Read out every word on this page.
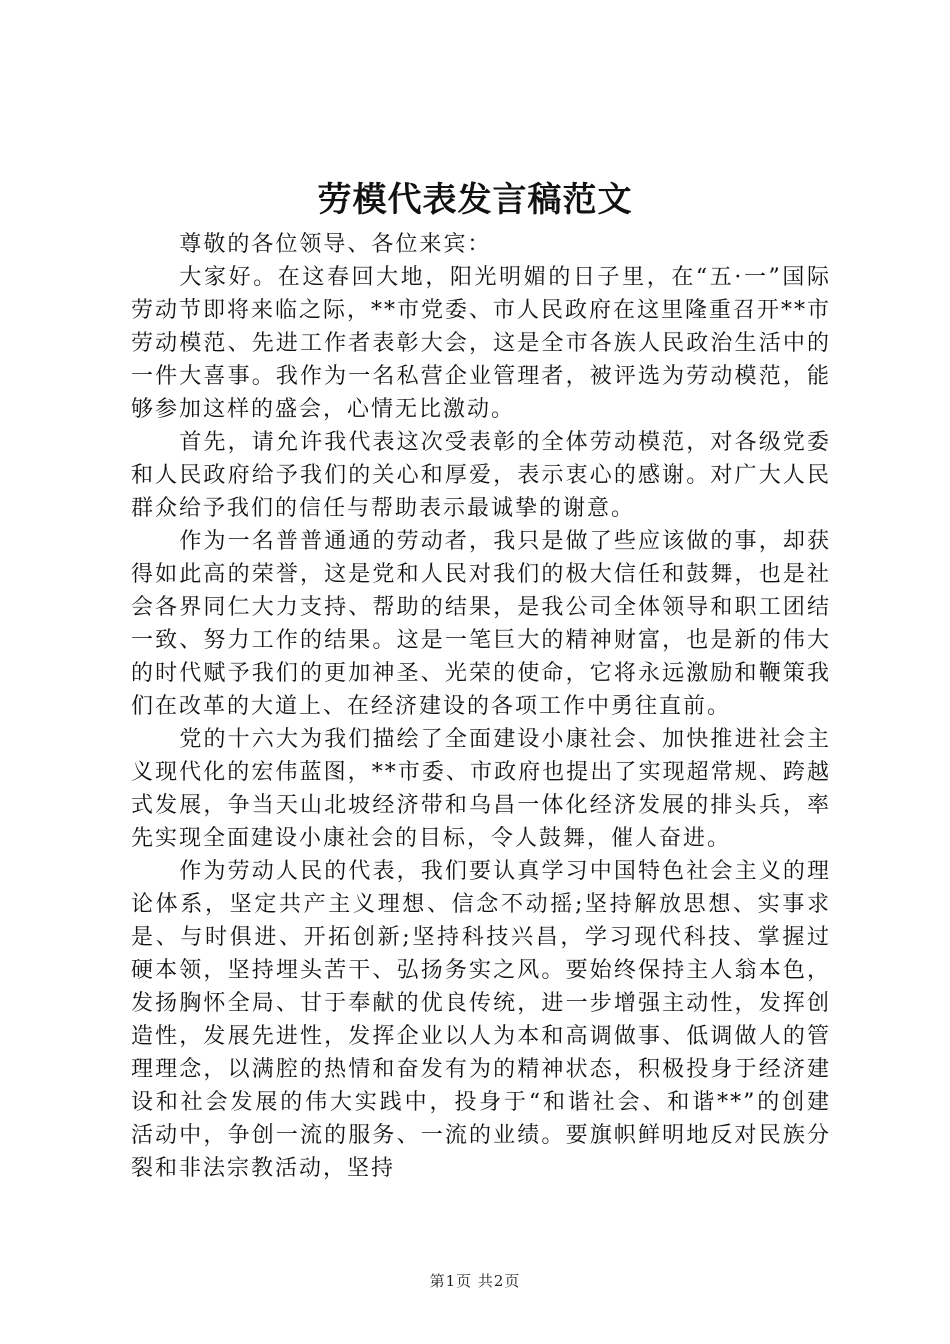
劳模代表发言稿范文

尊敬的各位领导、各位来宾：

大家好。在这春回大地，阳光明媚的日子里，在“五·一”国际劳动节即将来临之际，**市党委、市人民政府在这里隆重召开**市劳动模范、先进工作者表彰大会，这是全市各族人民政治生活中的一件大喜事。我作为一名私营企业管理者，被评选为劳动模范，能够参加这样的盛会，心情无比激动。

首先，请允许我代表这次受表彰的全体劳动模范，对各级党委和人民政府给予我们的关心和厚爱，表示衷心的感谢。对广大人民群众给予我们的信任与帮助表示最诚挚的谢意。

作为一名普普通通的劳动者，我只是做了些应该做的事，却获得如此高的荣誉，这是党和人民对我们的极大信任和鼓舞，也是社会各界同仁大力支持、帮助的结果，是我公司全体领导和职工团结一致、努力工作的结果。这是一笔巨大的精神财富，也是新的伟大的时代赋予我们的更加神圣、光荣的使命，它将永远激励和鞭策我们在改革的大道上、在经济建设的各项工作中勇往直前。

党的十六大为我们描绘了全面建设小康社会、加快推进社会主义现代化的宏伟蓝图，**市委、市政府也提出了实现超常规、跨越式发展，争当天山北坡经济带和乌昌一体化经济发展的排头兵，率先实现全面建设小康社会的目标，令人鼓舞，催人奋进。

作为劳动人民的代表，我们要认真学习中国特色社会主义的理论体系，坚定共产主义理想、信念不动摇;坚持解放思想、实事求是、与时俱进、开拓创新;坚持科技兴昌，学习现代科技、掌握过硬本领，坚持埋头苦干、弘扬务实之风。要始终保持主人翁本色，发扬胸怀全局、甘于奉献的优良传统，进一步增强主动性，发挥创造性，发展先进性，发挥企业以人为本和高调做事、低调做人的管理理念，以满腔的热情和奋发有为的精神状态，积极投身于经济建设和社会发展的伟大实践中，投身于“和谐社会、和谐**”的创建活动中，争创一流的服务、一流的业绩。要旗帜鲜明地反对民族分裂和非法宗教活动，坚持

第1页 共2页
